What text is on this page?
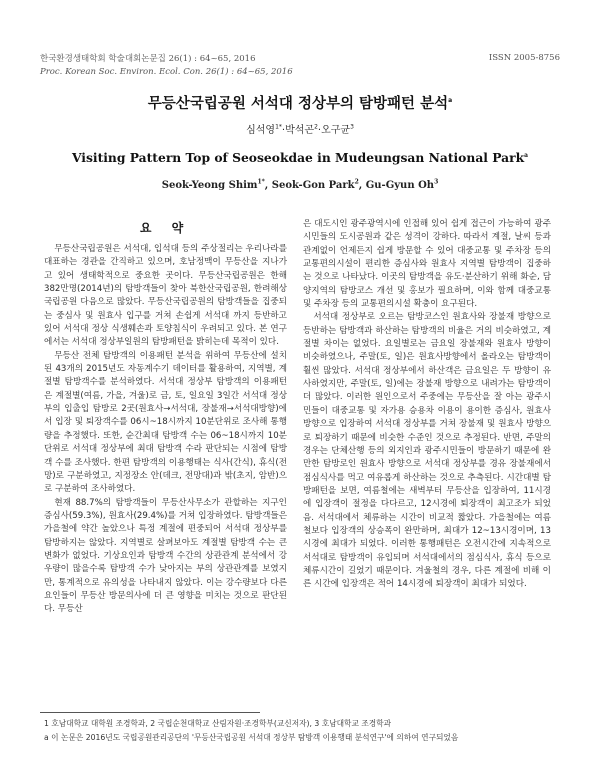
한국환경생태학회 학술대회논문집 26(1) : 64~65, 2016
Proc. Korean Soc. Environ. Ecol. Con. 26(1) : 64~65, 2016
ISSN 2005-8756
무등산국립공원 서석대 정상부의 탐방패턴 분석$^a$
심석영$^{1*}$·박석곤$^2$·오구균$^3$
Visiting Pattern Top of Seoseokdae in Mudeungsan National Park$^a$
Seok-Yeong Shim$^{1*}$, Seok-Gon Park$^2$, Gu-Gyun Oh$^3$
요 약

무등산국립공원은 서석대, 입석대 등의 주상절리는 우리나라를 대표하는 경관을 간직하고 있으며, 호남정맥이 무등산을 지나가고 있어 생태학적으로 중요한 곳이다. 무등산국립공원은 한해 382만명(2014년)의 탐방객들이 찾아 북한산국립공원, 한려해상국립공원 다음으로 많았다. 무등산국립공원의 탐방객들을 집중되는 중심사 및 원효사 입구를 거쳐 손쉽게 서석대 까지 등반하고 있어 서석대 정상 식생훼손과 토양침식이 우려되고 있다. 본 연구에서는 서석대 정상부일원의 탐방패턴을 밝히는데 목적이 있다.

무등산 전체 탐방객의 이용패턴 분석을 위하여 무등산에 설치된 43개의 2015년도 자동계수기 데이터를 활용하여, 지역별, 계절별 탐방객수를 분석하였다. 서석대 정상부 탐방객의 이용패턴은 계절별(여름, 가을, 겨울)로 금, 토, 일요일 3일간 서석대 정상부의 입출입 탐방로 2곳(원효사→서석대, 장불재→서석대방향)에서 입장 및 퇴장객수를 06시~18시까지 10분단위로 조사해 통행량을 추정했다. 또한, 순간최대 탐방객 수는 06~18시까지 10분 단위로 서석대 정상부에 최대 탐방객 수라 판단되는 시점에 탐방객 수를 조사했다. 한편 탐방객의 이용행태는 식사(간식), 휴식(전망)로 구분하였고, 지정장소 안(데크, 전망대)과 밖(초지, 암반)으로 구분하여 조사하였다.

현재 88.7%의 탐방객들이 무등산사무소가 관할하는 지구인 증심사(59.3%), 원효사(29.4%)를 거쳐 입장하였다. 탐방객들은 가을철에 약간 높았으나 특정 계절에 편중되어 서석대 정상부를 탐방하지는 않았다. 지역별로 살펴보아도 계절별 탐방객 수는 큰 변화가 없었다. 기상요인과 탐방객 수간의 상관관계 분석에서 강우량이 많을수록 탐방객 수가 낮아지는 부의 상관관계를 보였지만, 통계적으로 유의성을 나타내지 않았다. 이는 강수량보다 다른 요인들이 무등산 방문의사에 더 큰 영향을 미치는 것으로 판단된다. 무등산

은 대도시인 광주광역시에 인접해 있어 쉽게 접근이 가능하여 광주시민들의 도시공원과 같은 성격이 강하다. 따라서 계절, 날씨 등과 관계없이 언제든지 쉽게 방문할 수 있어 대중교통 및 주차장 등의 교통편의시설이 편리한 증심사와 원효사 지역별 탐방객이 집중하는 것으로 나타났다. 이곳의 탐방객을 유도·분산하기 위해 화순, 담양지역의 탐방코스 개선 및 홍보가 필요하며, 이와 함께 대중교통 및 주차장 등의 교통편의시설 확충이 요구된다.

서석대 정상부로 오르는 탐방코스인 원효사와 장불재 방향으로 등반하는 탐방객과 하산하는 탐방객의 비율은 거의 비슷하였고, 계절별 차이는 없었다. 요일별로는 금요일 장불재와 원효사 방향이 비슷하였으나, 주말(토, 일)은 원효사방향에서 올라오는 탐방객이 훨씬 많았다. 서석대 정상부에서 하산객은 금요일은 두 방향이 유사하였지만, 주말(토, 일)에는 장불재 방향으로 내려가는 탐방객이 더 많았다. 이러한 원인으로서 주중에는 무등산을 잘 아는 광주시민들이 대중교통 및 자가용 승용차 이용이 용이한 증심사, 원효사 방향으로 입장하여 서석대 정상부를 거쳐 장불재 및 원효사 방향으로 퇴장하기 때문에 비슷한 수준인 것으로 추정된다. 반면, 주말의 경우는 단체산행 등의 외지인과 광주시민들이 방문하기 때문에 완만한 탐방로인 원효사 방향으로 서석대 정상부를 경유 장불재에서 점심식사를 먹고 여유롭게 하산하는 것으로 추측된다. 시간대별 탐방패턴을 보면, 여름철에는 새벽부터 무등산을 입장하여, 11시경에 입장객이 절정을 다다르고, 12시경에 퇴장객이 최고조가 되었음. 서석대에서 체류하는 시간이 비교적 짧았다. 가을철에는 여름철보다 입장객의 상승폭이 완만하며, 최대가 12~13시경이며, 13시경에 최대가 되었다. 이러한 통행패턴은 오전시간에 지속적으로 서석대로 탐방객이 유입되며 서석대에서의 점심식사, 휴식 등으로 체류시간이 길었기 때문이다. 겨울철의 경우, 다른 계절에 비해 이른 시간에 입장객은 적어 14시경에 퇴장객이 최대가 되었다.

1 호남대학교 대학원 조경학과, 2 국립순천대학교 산림자원·조경학부(교신저자), 3 호남대학교 조경학과
a 이 논문은 2016년도 국립공원관리공단의 '무등산국립공원 서석대 정상부 탐방객 이용행태 분석연구'에 의하여 연구되었음
